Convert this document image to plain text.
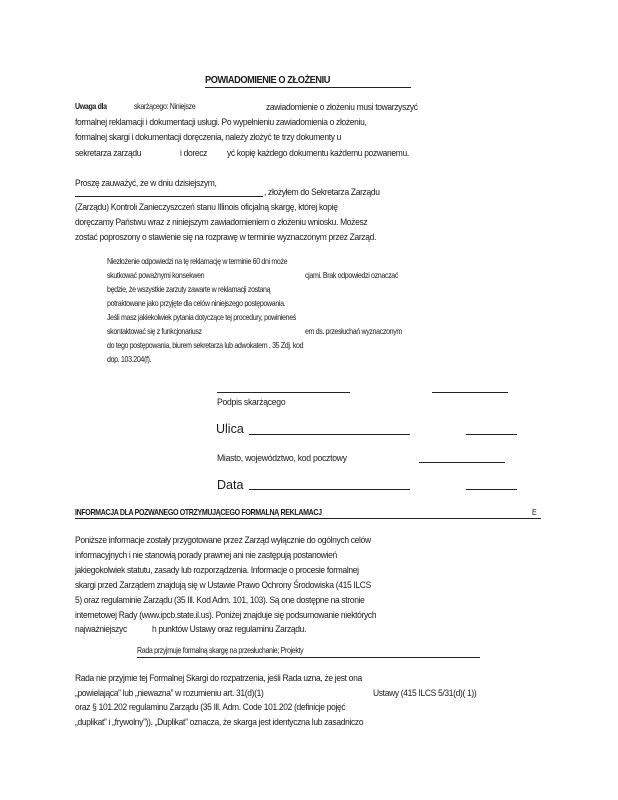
POWIADOMIENIE O ZŁOŻENIU
Uwaga dla	skarżącego: Niniejsze	zawiadomienie o złożeniu musi towarzyszyć
formalnej reklamacji i dokumentacji usługi. Po wypełnieniu zawiadomienia o złożeniu,
formalnej skargi i dokumentacji doręczenia, należy złożyć te trzy dokumenty u
sekretarza zarządu	i dorecz yć kopię każdego dokumentu każdemu pozwanemu.
Proszę zauważyć, że w dniu dzisiejszym,
, złożyłem do Sekretarza Zarządu
(Zarządu) Kontroli Zanieczyszczeń stanu Illinois oficjalną skargę, której kopię
doręczamy Państwu wraz z niniejszym zawiadomieniem o złożeniu wniosku. Możesz
zostać poproszony o stawienie się na rozprawę w terminie wyznaczonym przez Zarząd.
Niezłożenie odpowiedzi na tę reklamację w terminie 60 dni może
skutkować poważnymi konsekwen	cjami. Brak odpowiedzi oznaczać
będzie, że wszystkie zarzuty zawarte w reklamacji zostaną
potraktowane jako przyjęte dla celów niniejszego postępowania.
Jeśli masz jakiekolwiek pytania dotyczące tej procedury, powinieneś
skontaktować się z funkcjonariusz	em ds. przesłuchań wyznaczonym
do tego postępowania, biurem sekretarza lub adwokatem . 35 Zdj. kod
dop. 103.204(f).
Podpis skarżącego
Ulica
Miasto, województwo, kod pocztowy
Data
INFORMACJA DLA POZWANEGO OTRZYMUJĄCEGO FORMALNĄ REKLAMACJ	E
Poniższe informacje zostały przygotowane przez Zarząd wyłącznie do ogólnych celów
informacyjnych i nie stanowią porady prawnej ani nie zastępują postanowień
jakiegokolwiek statutu, zasady lub rozporządzenia. Informacje o procesie formalnej
skargi przed Zarządem znajdują się w Ustawie Prawo Ochrony Środowiska (415 ILCS
5) oraz regulaminie Zarządu (35 Ill. Kod Adm. 101, 103). Są one dostępne na stronie
internetowej Rady (www.ipcb.state.il.us). Poniżej znajduje się podsumowanie niektórych
najważniejszyc	h punktów Ustawy oraz regulaminu Zarządu.
Rada przyjmuje formalną skargę na przesłuchanie; Projekty
Rada nie przyjmie tej Formalnej Skargi do rozpatrzenia, jeśli Rada uzna, że jest ona
„powielająca” lub „niewazna” w rozumieniu art. 31(d)(1)	Ustawy (415 ILCS 5/31(d)( 1))
oraz § 101.202 regulaminu Zarządu (35 Ill. Adm. Code 101.202 (definicje pojęć
„duplikat” i „frywolny”)). „Duplikat” oznacza, że skarga jest identyczna lub zasadniczo
